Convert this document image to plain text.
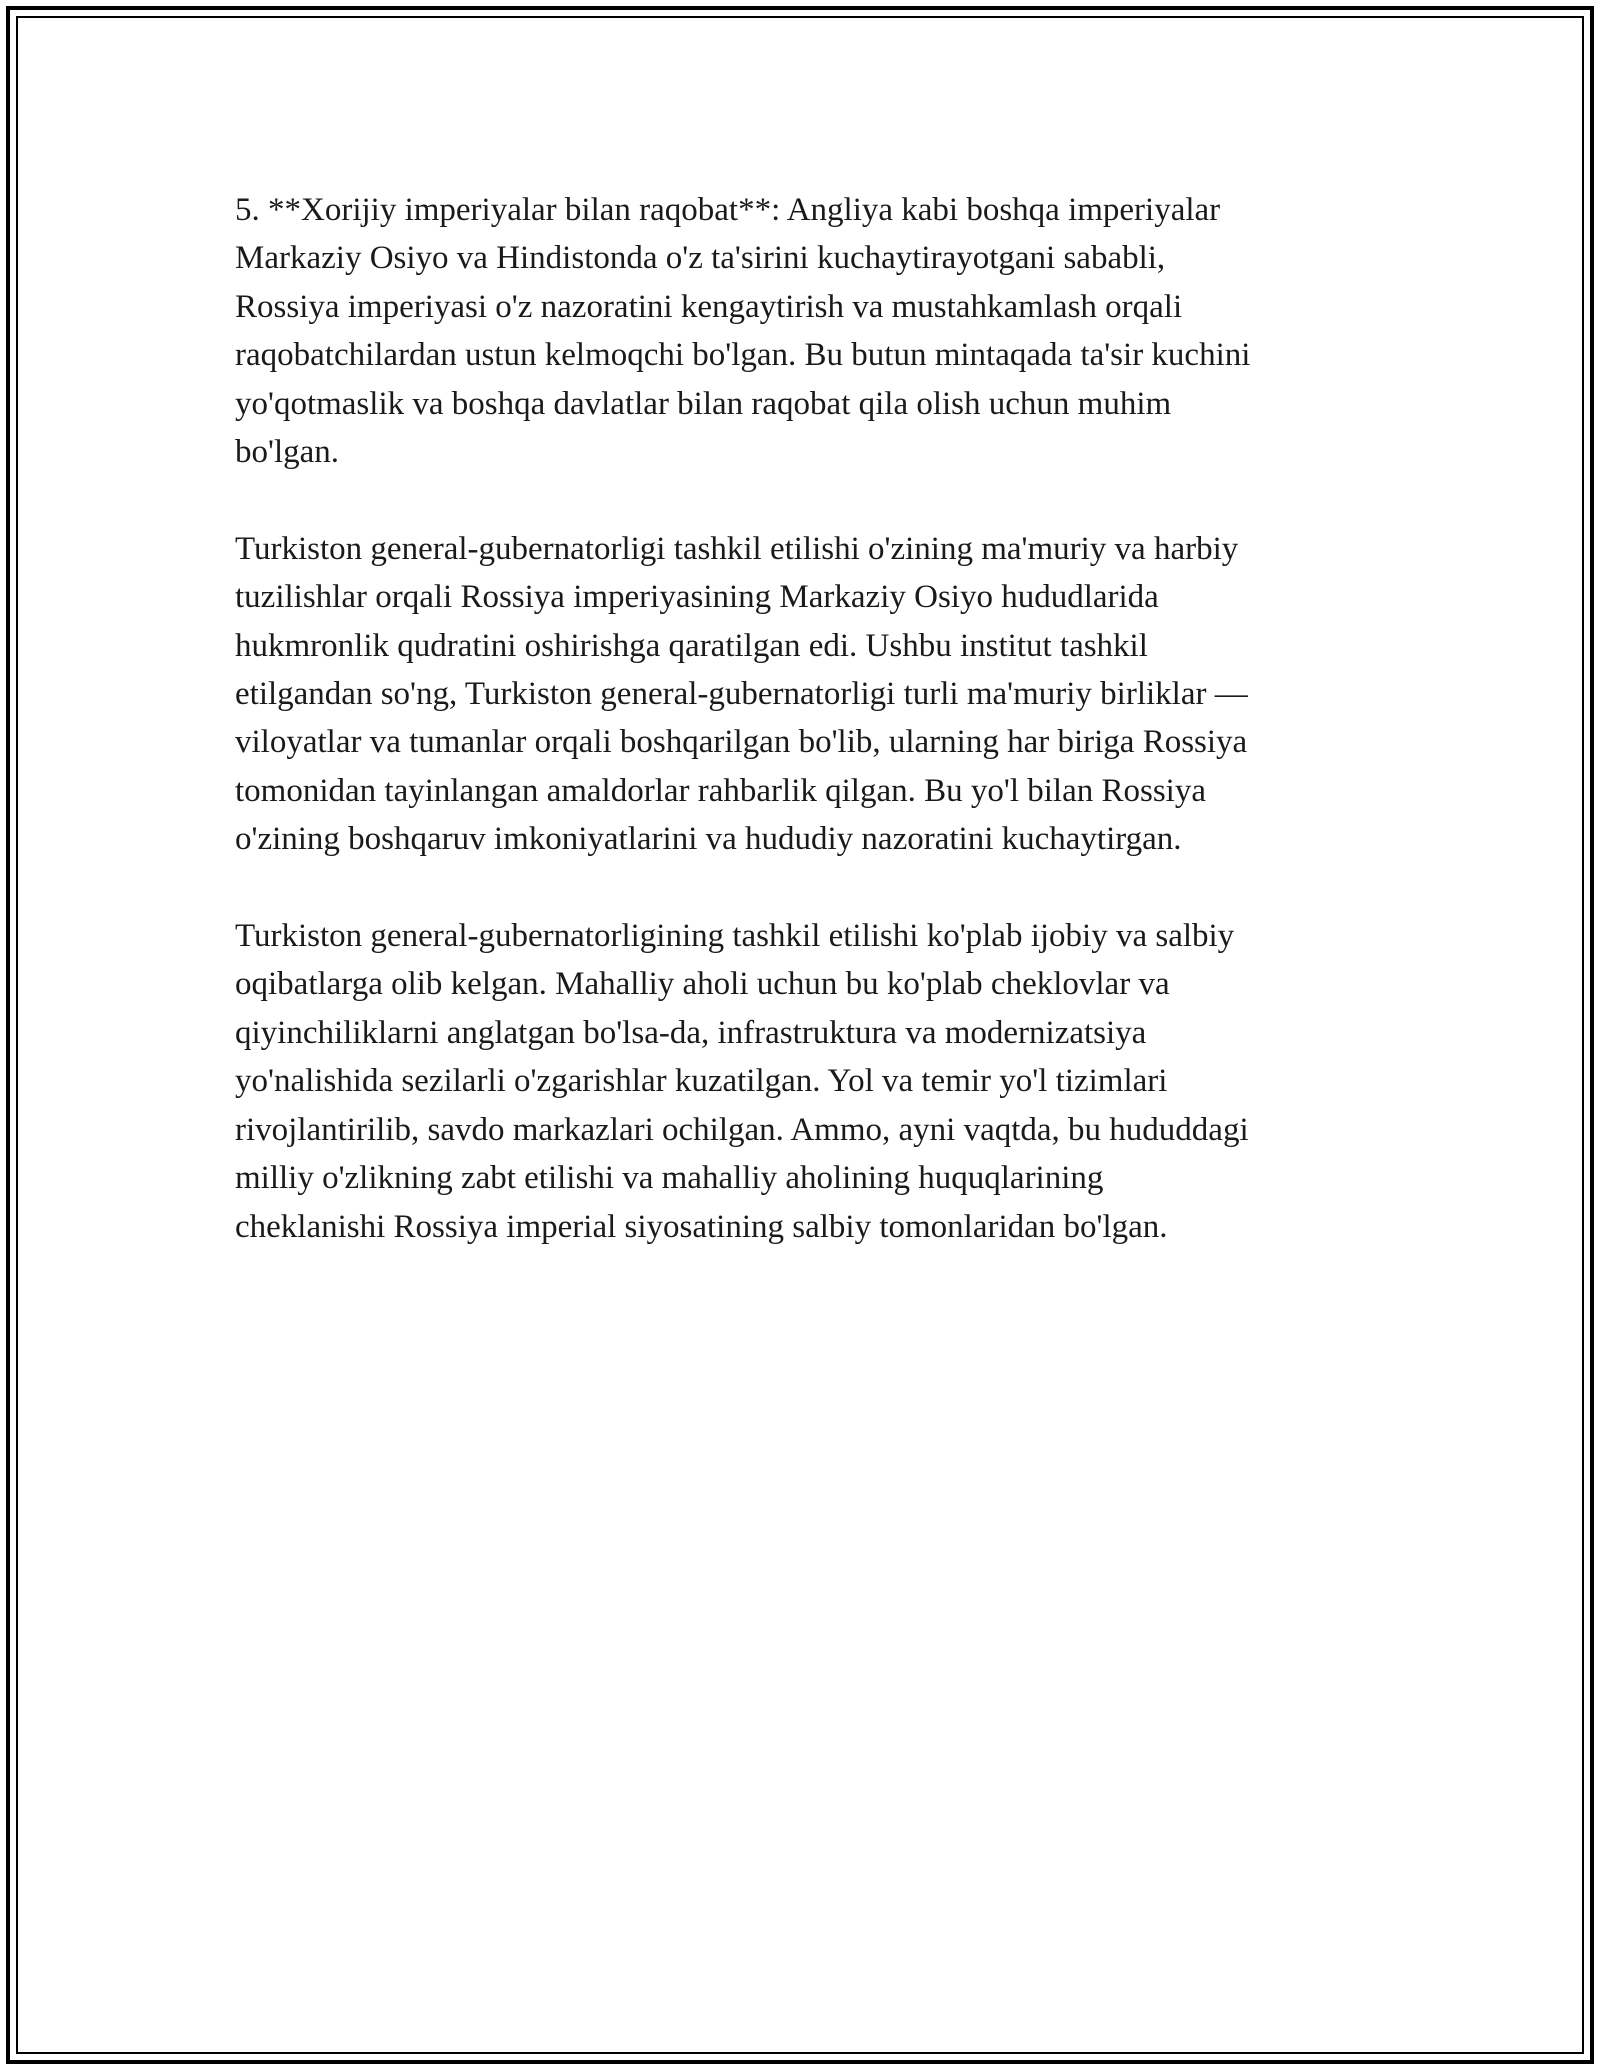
5. **Xorijiy imperiyalar bilan raqobat**: Angliya kabi boshqa imperiyalar
Markaziy Osiyo va Hindistonda o'z ta'sirini kuchaytirayotgani sababli,
Rossiya imperiyasi o'z nazoratini kengaytirish va mustahkamlash orqali
raqobatchilardan ustun kelmoqchi bo'lgan. Bu butun mintaqada ta'sir kuchini
yo'qotmaslik va boshqa davlatlar bilan raqobat qila olish uchun muhim
bo'lgan.

Turkiston general-gubernatorligi tashkil etilishi o'zining ma'muriy va harbiy
tuzilishlar orqali Rossiya imperiyasining Markaziy Osiyo hududlarida
hukmronlik qudratini oshirishga qaratilgan edi. Ushbu institut tashkil
etilgandan so'ng, Turkiston general-gubernatorligi turli ma'muriy birliklar —
viloyatlar va tumanlar orqali boshqarilgan bo'lib, ularning har biriga Rossiya
tomonidan tayinlangan amaldorlar rahbarlik qilgan. Bu yo'l bilan Rossiya
o'zining boshqaruv imkoniyatlarini va hududiy nazoratini kuchaytirgan.

Turkiston general-gubernatorligining tashkil etilishi ko'plab ijobiy va salbiy
oqibatlarga olib kelgan. Mahalliy aholi uchun bu ko'plab cheklovlar va
qiyinchiliklarni anglatgan bo'lsa-da, infrastruktura va modernizatsiya
yo'nalishida sezilarli o'zgarishlar kuzatilgan. Yol va temir yo'l tizimlari
rivojlantirilib, savdo markazlari ochilgan. Ammo, ayni vaqtda, bu hududdagi
milliy o'zlikning zabt etilishi va mahalliy aholining huquqlarining
cheklanishi Rossiya imperial siyosatining salbiy tomonlaridan bo'lgan.
